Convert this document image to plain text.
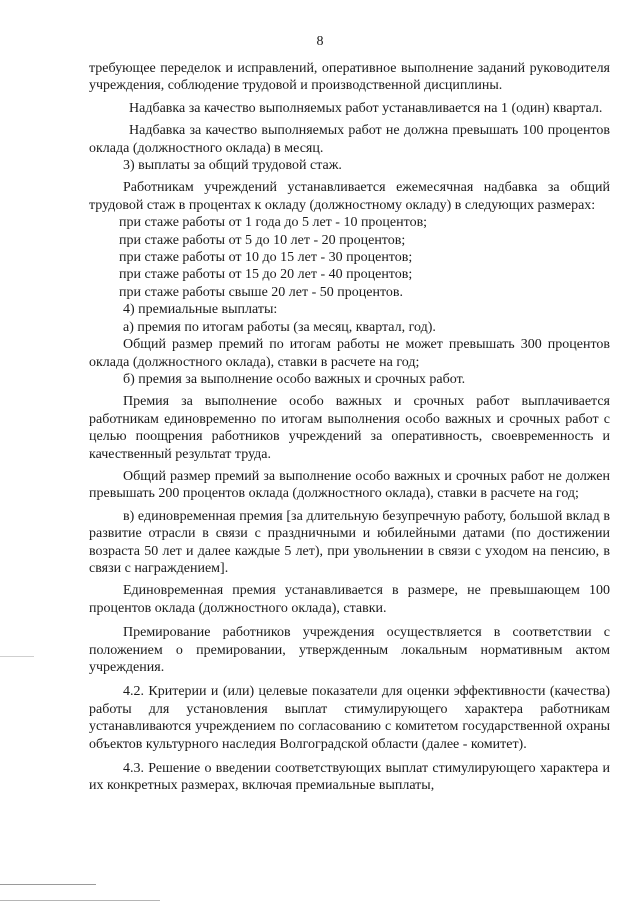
8

требующее переделок и исправлений, оперативное выполнение заданий руководителя учреждения, соблюдение трудовой и производственной дисциплины.

Надбавка за качество выполняемых работ устанавливается на 1 (один) квартал.

Надбавка за качество выполняемых работ не должна превышать 100 процентов оклада (должностного оклада) в месяц.

3) выплаты за общий трудовой стаж.

Работникам учреждений устанавливается ежемесячная надбавка за общий трудовой стаж в процентах к окладу (должностному окладу) в следующих размерах:

при стаже работы от 1 года до 5 лет - 10 процентов;

при стаже работы от 5 до 10 лет - 20 процентов;

при стаже работы от 10 до 15 лет - 30 процентов;

при стаже работы от 15 до 20 лет - 40 процентов;

при стаже работы свыше 20 лет - 50 процентов.

4) премиальные выплаты:

а) премия по итогам работы (за месяц, квартал, год).

Общий размер премий по итогам работы не может превышать 300 процентов оклада (должностного оклада), ставки в расчете на год;

б) премия за выполнение особо важных и срочных работ.

Премия за выполнение особо важных и срочных работ выплачивается работникам единовременно по итогам выполнения особо важных и срочных работ с целью поощрения работников учреждений за оперативность, своевременность и качественный результат труда.

Общий размер премий за выполнение особо важных и срочных работ не должен превышать 200 процентов оклада (должностного оклада), ставки в расчете на год;

в) единовременная премия [за длительную безупречную работу, большой вклад в развитие отрасли в связи с праздничными и юбилейными датами (по достижении возраста 50 лет и далее каждые 5 лет), при увольнении в связи с уходом на пенсию, в связи с награждением].

Единовременная премия устанавливается в размере, не превышающем 100 процентов оклада (должностного оклада), ставки.

Премирование работников учреждения осуществляется в соответствии с положением о премировании, утвержденным локальным нормативным актом учреждения.

4.2. Критерии и (или) целевые показатели для оценки эффективности (качества) работы для установления выплат стимулирующего характера работникам устанавливаются учреждением по согласованию с комитетом государственной охраны объектов культурного наследия Волгоградской области (далее - комитет).

4.3. Решение о введении соответствующих выплат стимулирующего характера и их конкретных размерах, включая премиальные выплаты,
